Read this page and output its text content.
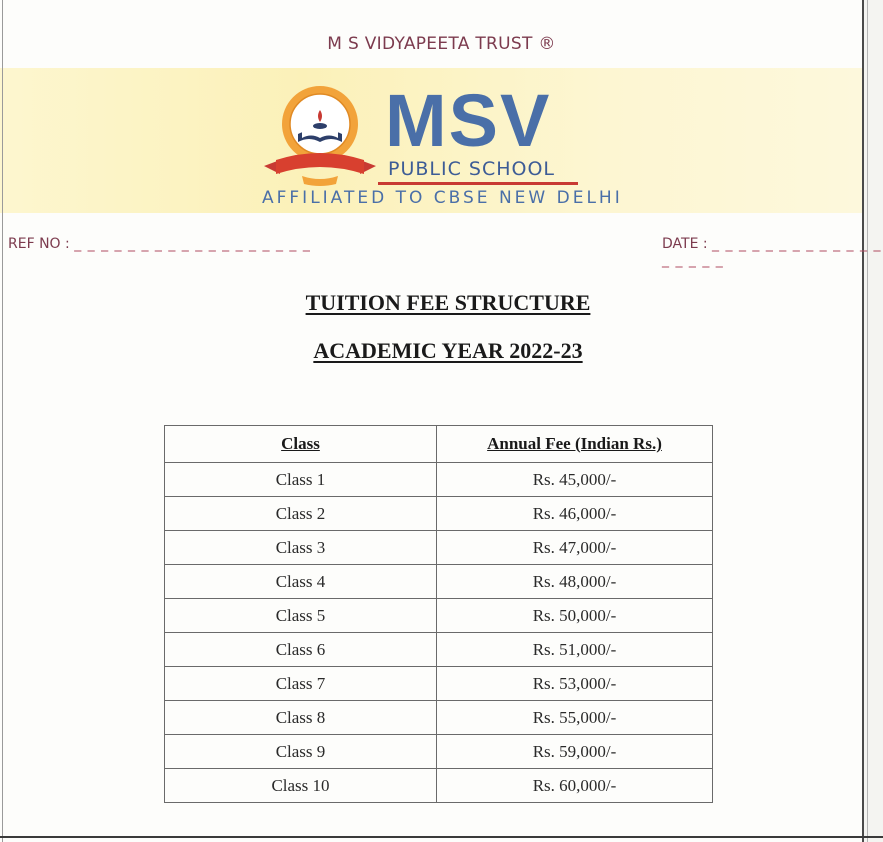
M S VIDYAPEETA TRUST ®
MSV
PUBLIC SCHOOL
AFFILIATED TO CBSE NEW DELHI
REF NO : _ _ _ _ _ _ _ _ _ _ _ _ _ _ _ _ _ _	DATE : _ _ _ _ _ _ _ _ _ _ _ _ _ _ _ _ _ _
TUITION FEE STRUCTURE
ACADEMIC YEAR 2022-23
Class	Annual Fee (Indian Rs.)
Class 1	Rs. 45,000/-
Class 2	Rs. 46,000/-
Class 3	Rs. 47,000/-
Class 4	Rs. 48,000/-
Class 5	Rs. 50,000/-
Class 6	Rs. 51,000/-
Class 7	Rs. 53,000/-
Class 8	Rs. 55,000/-
Class 9	Rs. 59,000/-
Class 10	Rs. 60,000/-
